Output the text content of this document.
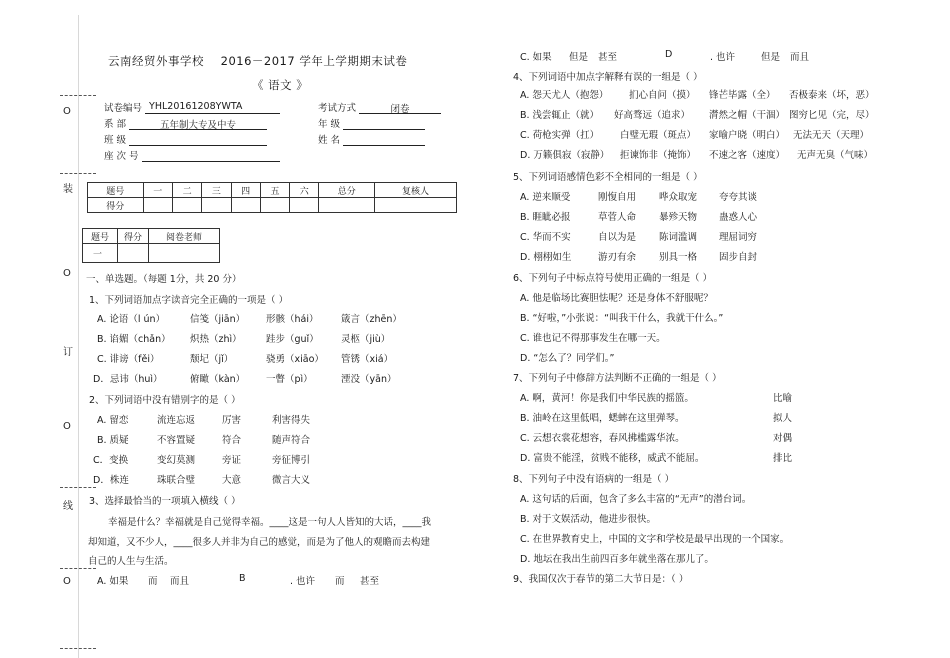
O
装
O
订
O
线
O
云南经贸外事学校 2016－2017 学年上学期期末试卷
《 语文 》
试卷编号 YHL20161208YWTA	考试方式	闭卷
系 部	五年制大专及中专	年 级
班 级	姓 名
座 次 号
题号	一	二	三	四	五	六	总分	复核人
得分								
题号	得分	阅卷老师
一		
一、单选题。（每题 1分，共 20 分）
1、下列词语加点字读音完全正确的一项是（ ）
A. 论语（l ún）	信笺（jiān） 形骸（hái） 箴言（zhēn）
B. 谄媚（chǎn） 炽热（zhì）	跬步（guǐ） 灵柩（jiù）
C. 诽谤（fěi）	颓圮（jǐ）	骁勇（xiāo） 管锈（xiá）
D．忌讳（huì）	俯瞰（kàn） 一瞥（pì）	湮没（yān）
2、下列词语中没有错别字的是（ ）
A. 留恋	流连忘返	厉害	利害得失
B. 质疑	不容置疑	符合	随声符合
C．变换	变幻莫测	旁证	旁征博引
D．株连	珠联合璧	大意	微言大义
3、选择最恰当的一项填入横线（ ）
幸福是什么？幸福就是自己觉得幸福。____这是一句人人皆知的大话，____我
却知道，又不少人，____很多人并非为自己的感觉，而是为了他人的观瞻而去构建
自己的人生与生活。
A. 如果 而 而且	B	. 也许 而 甚至
C. 如果 但是 甚至	D	. 也许	但是 而且
4、下列词语中加点字解释有误的一组是（ ）
A. 怨天尤人（抱怨） 扪心自问（摸） 锋芒毕露（全） 否极泰来（坏，恶）
B. 浅尝辄止（就） 好高骛远（追求） 潸然之帽（干涸） 图穷匕见（完，尽）
C. 荷枪实弹（扛） 白璧无瑕（斑点） 家喻户晓（明白） 无法无天（天理）
D. 万籁俱寂（寂静） 拒谏饰非（掩饰） 不速之客（速度） 无声无臭（气味）
5、下列词语感情色彩不全相同的一组是（ ）
A. 逆来顺受	刚愎自用 哗众取宠 夸夸其谈
B. 睚眦必报	草菅人命 暴殄天物 蛊惑人心
C. 华而不实	自以为是 陈词滥调 理屈词穷
D. 栩栩如生	游刃有余 别具一格 固步自封
6、下列句子中标点符号使用正确的一组是（ ）
A. 他是临场比赛胆怯呢？还是身体不舒服呢？
B. “好啦，”小张说：“叫我干什么，我就干什么。”
C. 谁也记不得那事发生在哪一天。
D. “怎么了？同学们。”
7、下列句子中修辞方法判断不正确的一组是（ ）
A. 啊，黄河！你是我们中华民族的摇篮。	比喻
B. 油岭在这里低唱，蟋蟀在这里弹琴。	拟人
C. 云想衣裳花想容，春风拂槛露华浓。	对偶
D. 富贵不能淫，贫贱不能移，威武不能屈。	排比
8、下列句子中没有语病的一组是（ ）
A. 这句话的后面，包含了多么丰富的“无声”的潜台词。
B. 对于文娱活动，他进步很快。
C. 在世界教育史上，中国的文字和学校是最早出现的一个国家。
D. 地坛在我出生前四百多年就坐落在那儿了。
9、我国仅次于春节的第二大节日是：（ ）
